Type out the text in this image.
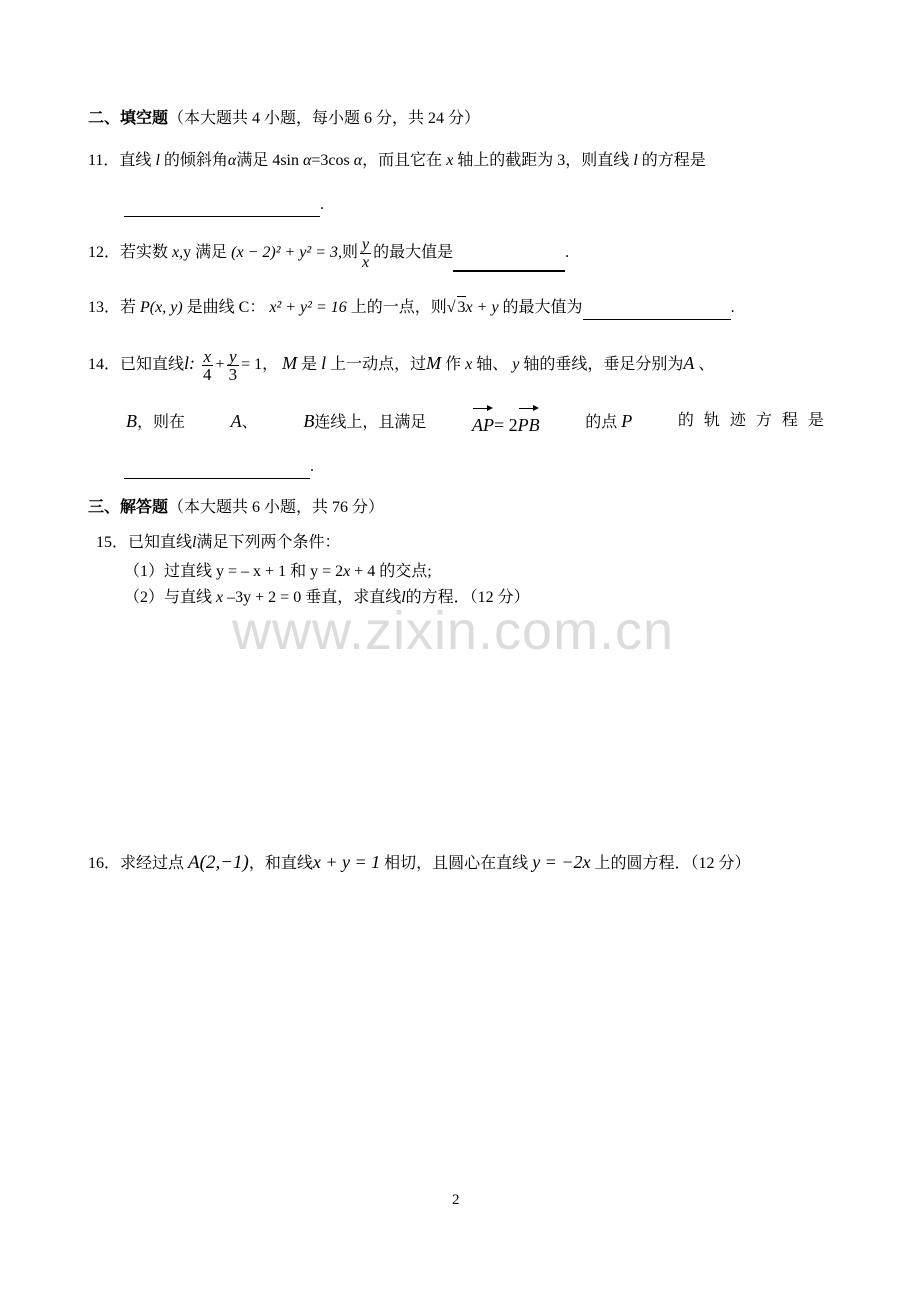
二、填空题（本大题共 4 小题，每小题 6 分，共 24 分）
11．直线 l 的倾斜角α满足 4sin α=3cos α，而且它在 x 轴上的截距为 3，则直线 l 的方程是
.
12．若实数 x,y 满足 (x − 2)² + y² = 3,则 $\frac{y}{x}$ 的最大值是	.
13．若 P(x, y) 是曲线 C： x² + y² = 16 上的一点，则√ 3x + y 的最大值为	.
14．已知直线l: $\frac{x}{4} + \frac{y}{3} = 1$， M 是 l 上一动点，过M 作 x 轴、 y 轴的垂线，垂足分别为A 、
B，则在	A、	B连线上，且满足	AP= 2PB	的点 P	的轨迹方程是
.
三、解答题（本大题共 6 小题，共 76 分）
15．已知直线l满足下列两个条件：
（1）过直线 y = – x + 1 和 y = 2x + 4 的交点;
（2）与直线 x –3y + 2 = 0 垂直，求直线l的方程．（12 分）
www.zixin.com.cn
16．求经过点 A(2,−1)，和直线x + y = 1 相切，且圆心在直线 y = −2x 上的圆方程．（12 分）
2
